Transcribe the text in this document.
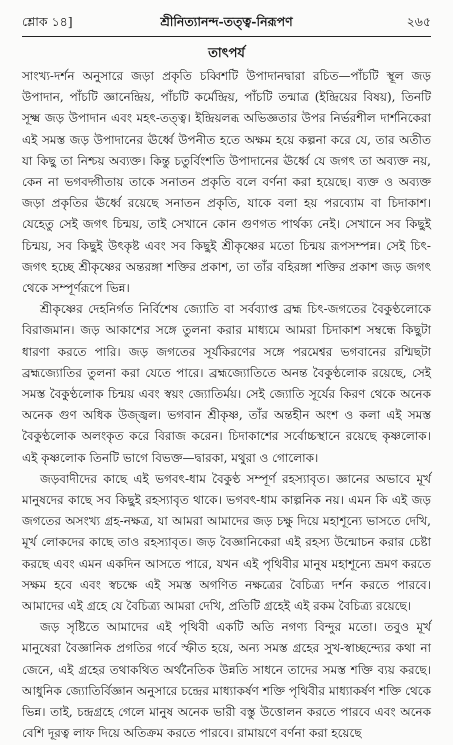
শ্লোক ১৪]	শ্রীনিত্যানন্দ-তত্ত্ব-নিরূপণ	২৬৫
তাৎপর্য

সাংখ্য-দর্শন অনুসারে জড়া প্রকৃতি চব্বিশটি উপাদানদ্বারা রচিত—পাঁচটি স্থূল জড় উপাদান, পাঁচটি জ্ঞানেন্দ্রিয়, পাঁচটি কর্মেন্দ্রিয়, পাঁচটি তন্মাত্র (ইন্দ্রিয়ের বিষয়), তিনটি সূক্ষ্ম জড় উপাদান এবং মহৎ-তত্ত্ব। ইন্দ্রিয়লব্ধ অভিজ্ঞতার উপর নির্ভরশীল দার্শনিকেরা এই সমস্ত জড় উপাদানের ঊর্ধ্বে উপনীত হতে অক্ষম হয়ে কল্পনা করে যে, তার অতীত যা কিছু তা নিশ্চয় অব্যক্ত। কিন্তু চতুর্বিংশতি উপাদানের ঊর্ধ্বে যে জগৎ তা অব্যক্ত নয়, কেন না ভগবদ্গীতায় তাকে সনাতন প্রকৃতি বলে বর্ণনা করা হয়েছে। ব্যক্ত ও অব্যক্ত জড়া প্রকৃতির ঊর্ধ্বে রয়েছে সনাতন প্রকৃতি, যাকে বলা হয় পরব্যোম বা চিদাকাশ। যেহেতু সেই জগৎ চিন্ময়, তাই সেখানে কোন গুণগত পার্থক্য নেই। সেখানে সব কিছুই চিন্ময়, সব কিছুই উৎকৃষ্ট এবং সব কিছুই শ্রীকৃষ্ণের মতো চিন্ময় রূপসম্পন্ন। সেই চিৎ-জগৎ হচ্ছে শ্রীকৃষ্ণের অন্তরঙ্গা শক্তির প্রকাশ, তা তাঁর বহিরঙ্গা শক্তির প্রকাশ জড় জগৎ থেকে সম্পূর্ণরূপে ভিন্ন।

শ্রীকৃষ্ণের দেহনির্গত নির্বিশেষ জ্যোতি বা সর্বব্যাপ্ত ব্রহ্ম চিৎ-জগতের বৈকুণ্ঠলোকে বিরাজমান। জড় আকাশের সঙ্গে তুলনা করার মাধ্যমে আমরা চিদাকাশ সম্বন্ধে কিছুটা ধারণা করতে পারি। জড় জগতের সূর্যকিরণের সঙ্গে পরমেশ্বর ভগবানের রশ্মিছটা ব্রহ্মজ্যোতির তুলনা করা যেতে পারে। ব্রহ্মজ্যোতিতে অনন্ত বৈকুণ্ঠলোক রয়েছে, সেই সমস্ত বৈকুণ্ঠলোক চিন্ময় এবং স্বয়ং জ্যোতির্ময়। সেই জ্যোতি সূর্যের কিরণ থেকে অনেক অনেক গুণ অধিক উজ্জ্বল। ভগবান শ্রীকৃষ্ণ, তাঁর অন্তহীন অংশ ও কলা এই সমস্ত বৈকুণ্ঠলোক অলংকৃত করে বিরাজ করেন। চিদাকাশের সর্বোচ্চস্থানে রয়েছে কৃষ্ণলোক। এই কৃষ্ণলোক তিনটি ভাগে বিভক্ত—দ্বারকা, মথুরা ও গোলোক।

জড়বাদীদের কাছে এই ভগবৎ-ধাম বৈকুণ্ঠ সম্পূর্ণ রহস্যাবৃত। জ্ঞানের অভাবে মূর্খ মানুষদের কাছে সব কিছুই রহস্যাবৃত থাকে। ভগবৎ-ধাম কাল্পনিক নয়। এমন কি এই জড় জগতের অসংখ্য গ্রহ-নক্ষত্র, যা আমরা আমাদের জড় চক্ষু দিয়ে মহাশূন্যে ভাসতে দেখি, মূর্খ লোকদের কাছে তাও রহস্যাবৃত। জড় বৈজ্ঞানিকেরা এই রহস্য উন্মোচন করার চেষ্টা করছে এবং এমন একদিন আসতে পারে, যখন এই পৃথিবীর মানুষ মহাশূন্যে ভ্রমণ করতে সক্ষম হবে এবং স্বচক্ষে এই সমস্ত অগণিত নক্ষত্রের বৈচিত্র্য দর্শন করতে পারবে। আমাদের এই গ্রহে যে বৈচিত্র্য আমরা দেখি, প্রতিটি গ্রহেই এই রকম বৈচিত্র্য রয়েছে।

জড় সৃষ্টিতে আমাদের এই পৃথিবী একটি অতি নগণ্য বিন্দুর মতো। তবুও মূর্খ মানুষেরা বৈজ্ঞানিক প্রগতির গর্বে স্ফীত হয়ে, অন্য সমস্ত গ্রহের সুখ-স্বাচ্ছন্দ্যের কথা না জেনে, এই গ্রহের তথাকথিত অর্থনৈতিক উন্নতি সাধনে তাদের সমস্ত শক্তি ব্যয় করছে। আধুনিক জ্যোতির্বিজ্ঞান অনুসারে চন্দ্রের মাধ্যাকর্ষণ শক্তি পৃথিবীর মাধ্যাকর্ষণ শক্তি থেকে ভিন্ন। তাই, চন্দ্রগ্রহে গেলে মানুষ অনেক ভারী বস্তু উত্তোলন করতে পারবে এবং অনেক বেশি দূরত্ব লাফ দিয়ে অতিক্রম করতে পারবে। রামায়ণে বর্ণনা করা হয়েছে
